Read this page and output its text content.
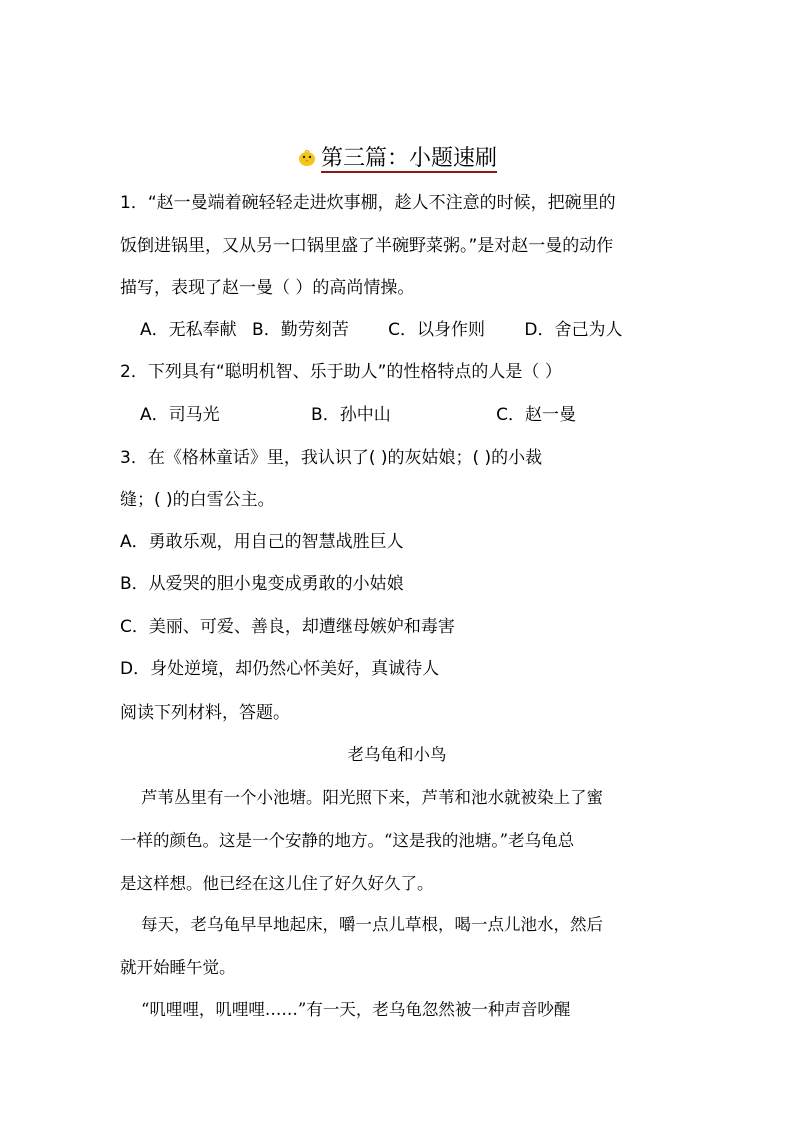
第三篇：小题速刷
1．“赵一曼端着碗轻轻走进炊事棚，趁人不注意的时候，把碗里的
饭倒进锅里，又从另一口锅里盛了半碗野菜粥。”是对赵一曼的动作
描写，表现了赵一曼（ ）的高尚情操。
A．无私奉献 B．勤劳刻苦 C．以身作则 D．舍己为人
2．下列具有“聪明机智、乐于助人”的性格特点的人是（ ）
A．司马光	B．孙中山	C．赵一曼
3．在《格林童话》里，我认识了( )的灰姑娘；( )的小裁
缝；( )的白雪公主。
A．勇敢乐观，用自己的智慧战胜巨人
B．从爱哭的胆小鬼变成勇敢的小姑娘
C．美丽、可爱、善良，却遭继母嫉妒和毒害
D．身处逆境，却仍然心怀美好，真诚待人
阅读下列材料，答题。
老乌龟和小鸟
芦苇丛里有一个小池塘。阳光照下来，芦苇和池水就被染上了蜜
一样的颜色。这是一个安静的地方。“这是我的池塘。”老乌龟总
是这样想。他已经在这儿住了好久好久了。
每天，老乌龟早早地起床，嚼一点儿草根，喝一点儿池水，然后
就开始睡午觉。
“叽哩哩，叽哩哩……”有一天，老乌龟忽然被一种声音吵醒
